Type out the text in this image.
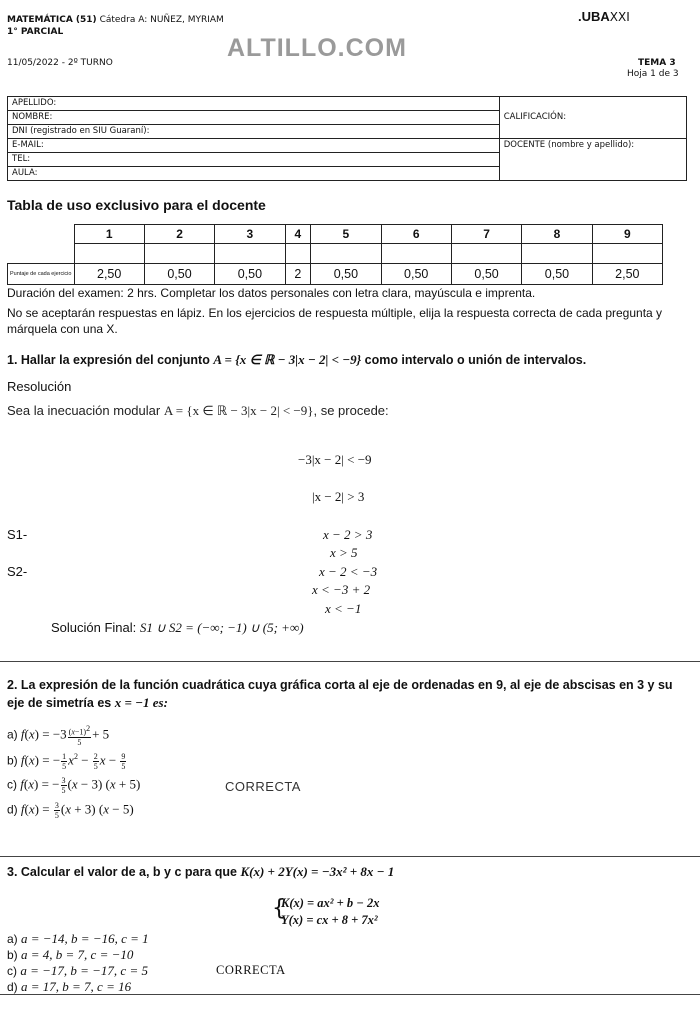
MATEMÁTICA (51) Cátedra A: NUÑEZ, MYRIAM
1° PARCIAL
11/05/2022 - 2º TURNO
ALTILLO.COM
.UBAXXI
TEMA 3
Hoja 1 de 3
APELLIDO:	CALIFICACIÓN:
NOMBRE:	
DNI (registrado en SIU Guaraní):	
E-MAIL:	DOCENTE (nombre y apellido):
TEL:	
AULA:	
Tabla de uso exclusivo para el docente
	1	2	3	4	5	6	7	8	9

Puntaje de cada ejercicio	2,50	0,50	0,50	2	0,50	0,50	0,50	0,50	2,50
Duración del examen: 2 hrs. Completar los datos personales con letra clara, mayúscula e imprenta.
No se aceptarán respuestas en lápiz. En los ejercicios de respuesta múltiple, elija la respuesta correcta de cada pregunta y márquela con una X.
1. Hallar la expresión del conjunto A = {x ∈ ℝ − 3|x − 2| < −9} como intervalo o unión de intervalos.
Resolución
Sea la inecuación modular A = {x ∈ ℝ − 3|x − 2| < −9}, se procede:
−3|x − 2| < −9
|x − 2| > 3
S1-	x − 2 > 3
x > 5
S2-	x − 2 < −3
x < −3 + 2
x < −1
Solución Final: S1 ∪ S2 = (−∞; −1) ∪ (5; +∞)
2. La expresión de la función cuadrática cuya gráfica corta al eje de ordenadas en 9, al eje de abscisas en 3 y su eje de simetría es x = −1 es:
a) $f(x) = -3 \frac{(x-1)^2}{5} + 5$
b) f(x) = − $\frac{1}{5} x^2 - \frac{2}{5}$ $x - \frac{9}{5}$
c) f(x) = − $\frac{3}{5} (x - 3) (x + 5)$	CORRECTA
d) $f(x) = \frac{3}{5} (x + 3) (x - 5)$
3. Calcular el valor de a, b y c para que K(x) + 2Y(x) = −3x² + 8x − 1
{
K(x) = ax² + b − 2x
Y(x) = cx + 8 + 7x²
a) a = −14, b = −16, c = 1
b) a = 4, b = 7, c = −10
c) a = −17, b = −17, c = 5	CORRECTA
d) a = 17, b = 7, c = 16
